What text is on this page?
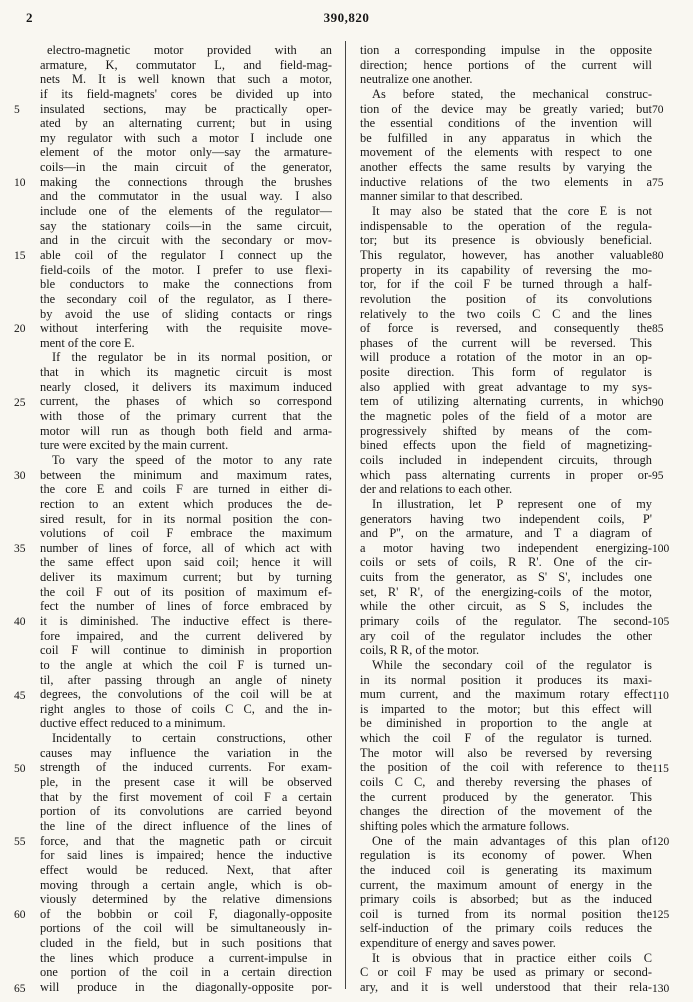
2	390,820
electro-magnetic motor provided with an
armature, K, commutator L, and field-mag-
nets M. It is well known that such a motor,
if its field-magnets' cores be divided up into
insulated sections, may be practically oper-
ated by an alternating current; but in using
my regulator with such a motor I include one
element of the motor only—say the armature-
coils—in the main circuit of the generator,
making the connections through the brushes
and the commutator in the usual way. I also
include one of the elements of the regulator—
say the stationary coils—in the same circuit,
and in the circuit with the secondary or mov-
able coil of the regulator I connect up the
field-coils of the motor. I prefer to use flexi-
ble conductors to make the connections from
the secondary coil of the regulator, as I there-
by avoid the use of sliding contacts or rings
without interfering with the requisite move-
ment of the core E.
If the regulator be in its normal position, or
that in which its magnetic circuit is most
nearly closed, it delivers its maximum induced
current, the phases of which so correspond
with those of the primary current that the
motor will run as though both field and arma-
ture were excited by the main current.
To vary the speed of the motor to any rate
between the minimum and maximum rates,
the core E and coils F are turned in either di-
rection to an extent which produces the de-
sired result, for in its normal position the con-
volutions of coil F embrace the maximum
number of lines of force, all of which act with
the same effect upon said coil; hence it will
deliver its maximum current; but by turning
the coil F out of its position of maximum ef-
fect the number of lines of force embraced by
it is diminished. The inductive effect is there-
fore impaired, and the current delivered by
coil F will continue to diminish in proportion
to the angle at which the coil F is turned un-
til, after passing through an angle of ninety
degrees, the convolutions of the coil will be at
right angles to those of coils C C, and the in-
ductive effect reduced to a minimum.
Incidentally to certain constructions, other
causes may influence the variation in the
strength of the induced currents. For exam-
ple, in the present case it will be observed
that by the first movement of coil F a certain
portion of its convolutions are carried beyond
the line of the direct influence of the lines of
force, and that the magnetic path or circuit
for said lines is impaired; hence the inductive
effect would be reduced. Next, that after
moving through a certain angle, which is ob-
viously determined by the relative dimensions
of the bobbin or coil F, diagonally-opposite
portions of the coil will be simultaneously in-
cluded in the field, but in such positions that
the lines which produce a current-impulse in
one portion of the coil in a certain direction
will produce in the diagonally-opposite por-
tion a corresponding impulse in the opposite
direction; hence portions of the current will
neutralize one another.
As before stated, the mechanical construc-
tion of the device may be greatly varied; but
the essential conditions of the invention will
be fulfilled in any apparatus in which the
movement of the elements with respect to one
another effects the same results by varying the
inductive relations of the two elements in a
manner similar to that described.
It may also be stated that the core E is not
indispensable to the operation of the regula-
tor; but its presence is obviously beneficial.
This regulator, however, has another valuable
property in its capability of reversing the mo-
tor, for if the coil F be turned through a half-
revolution the position of its convolutions
relatively to the two coils C C and the lines
of force is reversed, and consequently the
phases of the current will be reversed. This
will produce a rotation of the motor in an op-
posite direction. This form of regulator is
also applied with great advantage to my sys-
tem of utilizing alternating currents, in which
the magnetic poles of the field of a motor are
progressively shifted by means of the com-
bined effects upon the field of magnetizing-
coils included in independent circuits, through
which pass alternating currents in proper or-
der and relations to each other.
In illustration, let P represent one of my
generators having two independent coils, P'
and P'', on the armature, and T a diagram of
a motor having two independent energizing-
coils or sets of coils, R R'. One of the cir-
cuits from the generator, as S' S', includes one
set, R' R', of the energizing-coils of the motor,
while the other circuit, as S S, includes the
primary coils of the regulator. The second-
ary coil of the regulator includes the other
coils, R R, of the motor.
While the secondary coil of the regulator is
in its normal position it produces its maxi-
mum current, and the maximum rotary effect
is imparted to the motor; but this effect will
be diminished in proportion to the angle at
which the coil F of the regulator is turned.
The motor will also be reversed by reversing
the position of the coil with reference to the
coils C C, and thereby reversing the phases of
the current produced by the generator. This
changes the direction of the movement of the
shifting poles which the armature follows.
One of the main advantages of this plan of
regulation is its economy of power. When
the induced coil is generating its maximum
current, the maximum amount of energy in the
primary coils is absorbed; but as the induced
coil is turned from its normal position the
self-induction of the primary coils reduces the
expenditure of energy and saves power.
It is obvious that in practice either coils C
C or coil F may be used as primary or second-
ary, and it is well understood that their rela-
5
10
15
20
25
30
35
40
45
50
55
60
65
70
75
80
85
90
95
100
105
110
115
120
125
130
